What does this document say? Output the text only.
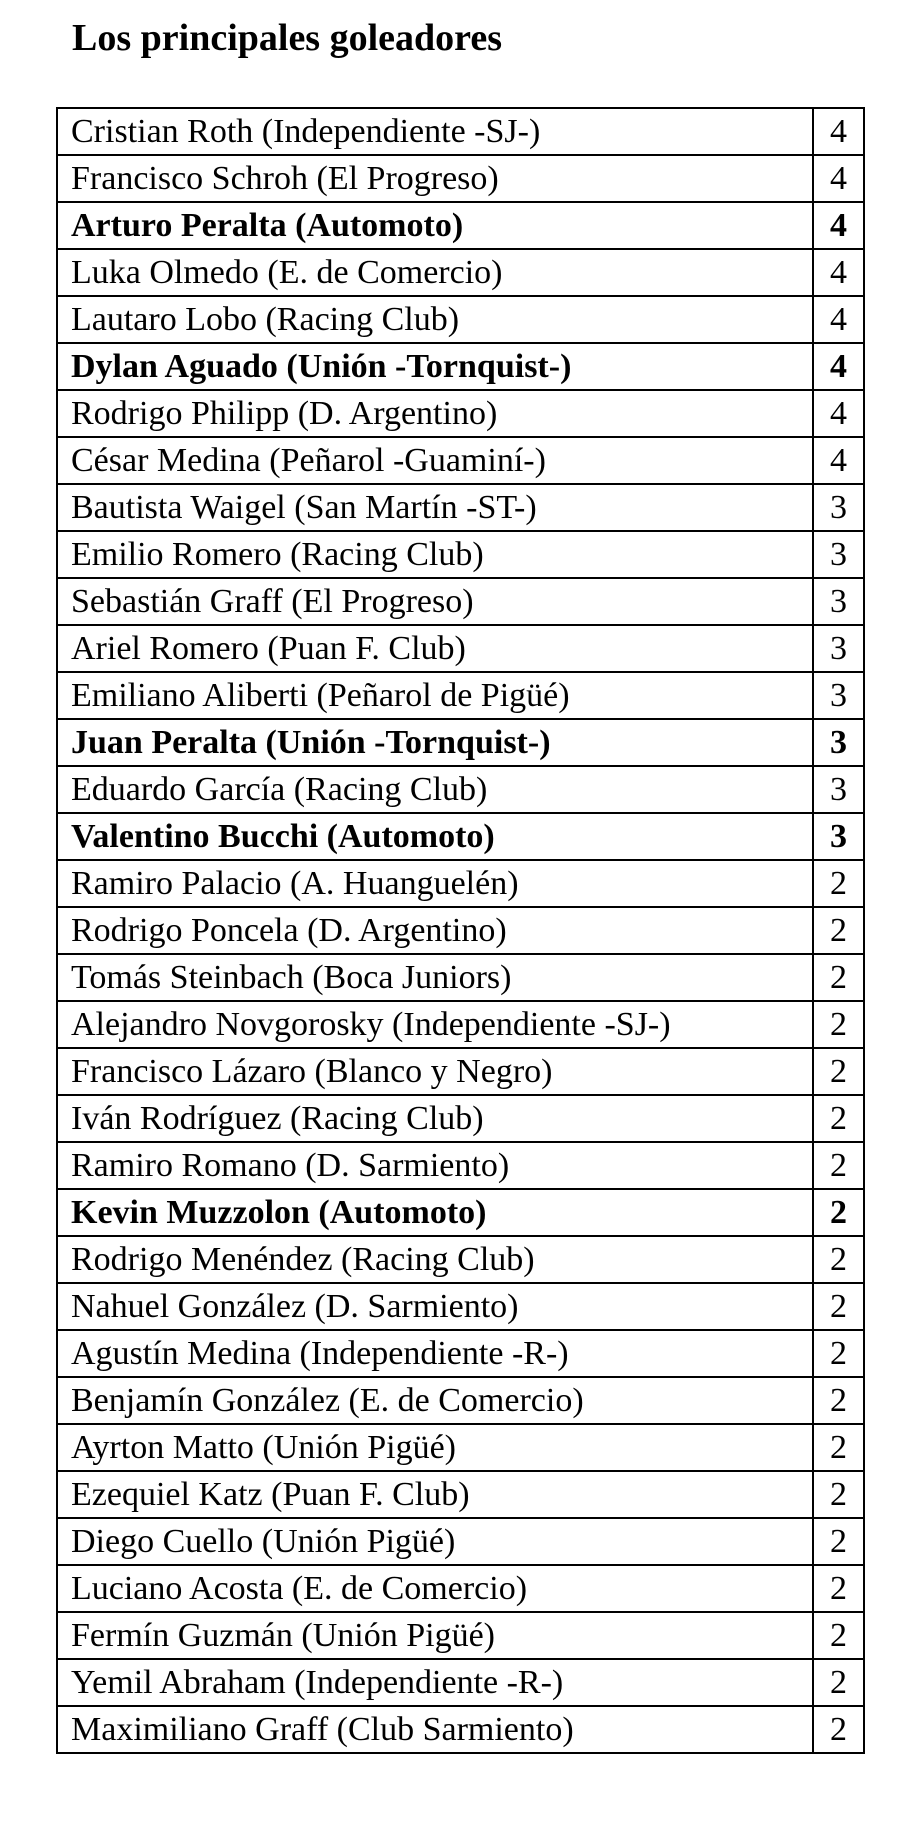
Los principales goleadores
Cristian Roth (Independiente -SJ-)	4
Francisco Schroh (El Progreso)	4
Arturo Peralta (Automoto)	4
Luka Olmedo (E. de Comercio)	4
Lautaro Lobo (Racing Club)	4
Dylan Aguado (Unión -Tornquist-)	4
Rodrigo Philipp (D. Argentino)	4
César Medina (Peñarol -Guaminí-)	4
Bautista Waigel (San Martín -ST-)	3
Emilio Romero (Racing Club)	3
Sebastián Graff (El Progreso)	3
Ariel Romero (Puan F. Club)	3
Emiliano Aliberti (Peñarol de Pigüé)	3
Juan Peralta (Unión -Tornquist-)	3
Eduardo García (Racing Club)	3
Valentino Bucchi (Automoto)	3
Ramiro Palacio (A. Huanguelén)	2
Rodrigo Poncela (D. Argentino)	2
Tomás Steinbach (Boca Juniors)	2
Alejandro Novgorosky (Independiente -SJ-)	2
Francisco Lázaro (Blanco y Negro)	2
Iván Rodríguez (Racing Club)	2
Ramiro Romano (D. Sarmiento)	2
Kevin Muzzolon (Automoto)	2
Rodrigo Menéndez (Racing Club)	2
Nahuel González (D. Sarmiento)	2
Agustín Medina (Independiente -R-)	2
Benjamín González (E. de Comercio)	2
Ayrton Matto (Unión Pigüé)	2
Ezequiel Katz (Puan F. Club)	2
Diego Cuello (Unión Pigüé)	2
Luciano Acosta (E. de Comercio)	2
Fermín Guzmán (Unión Pigüé)	2
Yemil Abraham (Independiente -R-)	2
Maximiliano Graff (Club Sarmiento)	2
